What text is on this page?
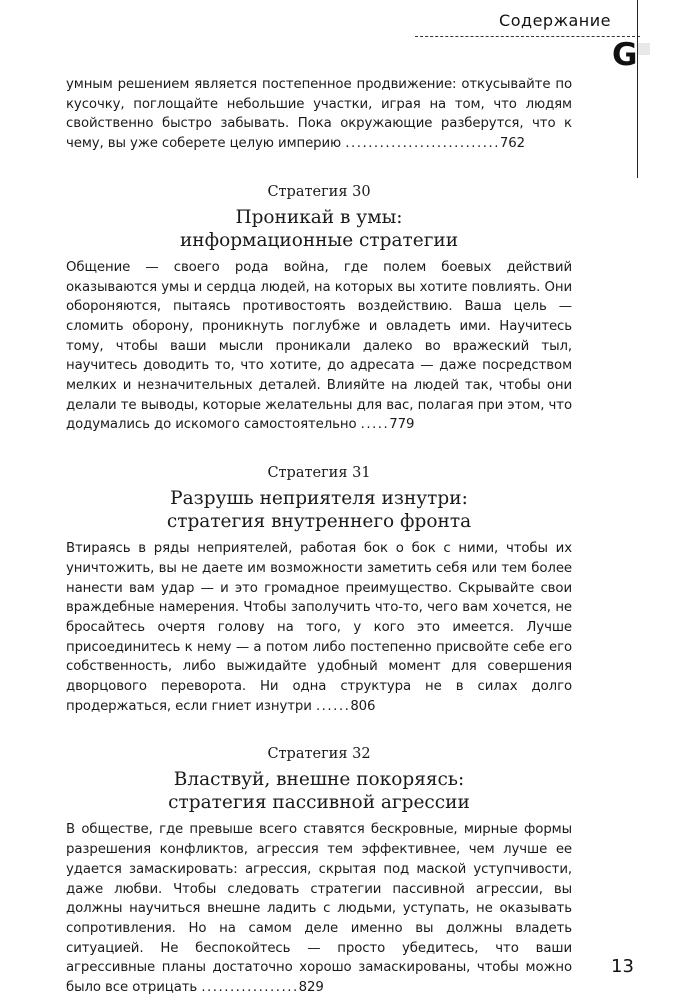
Содержание
G

умным решением является постепенное продвижение: откусывайте по кусочку, поглощайте небольшие участки, играя на том, что людям свойственно быстро забывать. Пока окружающие разберутся, что к чему, вы уже соберете целую империю ...........................762

Стратегия 30
Проникай в умы:
информационные стратегии

Общение — своего рода война, где полем боевых действий оказываются умы и сердца людей, на которых вы хотите повлиять. Они обороняются, пытаясь противостоять воздействию. Ваша цель — сломить оборону, проникнуть поглубже и овладеть ими. Научитесь тому, чтобы ваши мысли проникали далеко во вражеский тыл, научитесь доводить то, что хотите, до адресата — даже посредством мелких и незначительных деталей. Влияйте на людей так, чтобы они делали те выводы, которые желательны для вас, полагая при этом, что додумались до искомого самостоятельно .....779

Стратегия 31
Разрушь неприятеля изнутри:
стратегия внутреннего фронта

Втираясь в ряды неприятелей, работая бок о бок с ними, чтобы их уничтожить, вы не даете им возможности заметить себя или тем более нанести вам удар — и это громадное преимущество. Скрывайте свои враждебные намерения. Чтобы заполучить что-то, чего вам хочется, не бросайтесь очертя голову на того, у кого это имеется. Лучше присоединитесь к нему — а потом либо постепенно присвойте себе его собственность, либо выжидайте удобный момент для совершения дворцового переворота. Ни одна структура не в силах долго продержаться, если гниет изнутри ......806

Стратегия 32
Властвуй, внешне покоряясь:
стратегия пассивной агрессии

В обществе, где превыше всего ставятся бескровные, мирные формы разрешения конфликтов, агрессия тем эффективнее, чем лучше ее удается замаскировать: агрессия, скрытая под маской уступчивости, даже любви. Чтобы следовать стратегии пассивной агрессии, вы должны научиться внешне ладить с людьми, уступать, не оказывать сопротивления. Но на самом деле именно вы должны владеть ситуацией. Не беспокойтесь — просто убедитесь, что ваши агрессивные планы достаточно хорошо замаскированы, чтобы можно было все отрицать .................829

13
